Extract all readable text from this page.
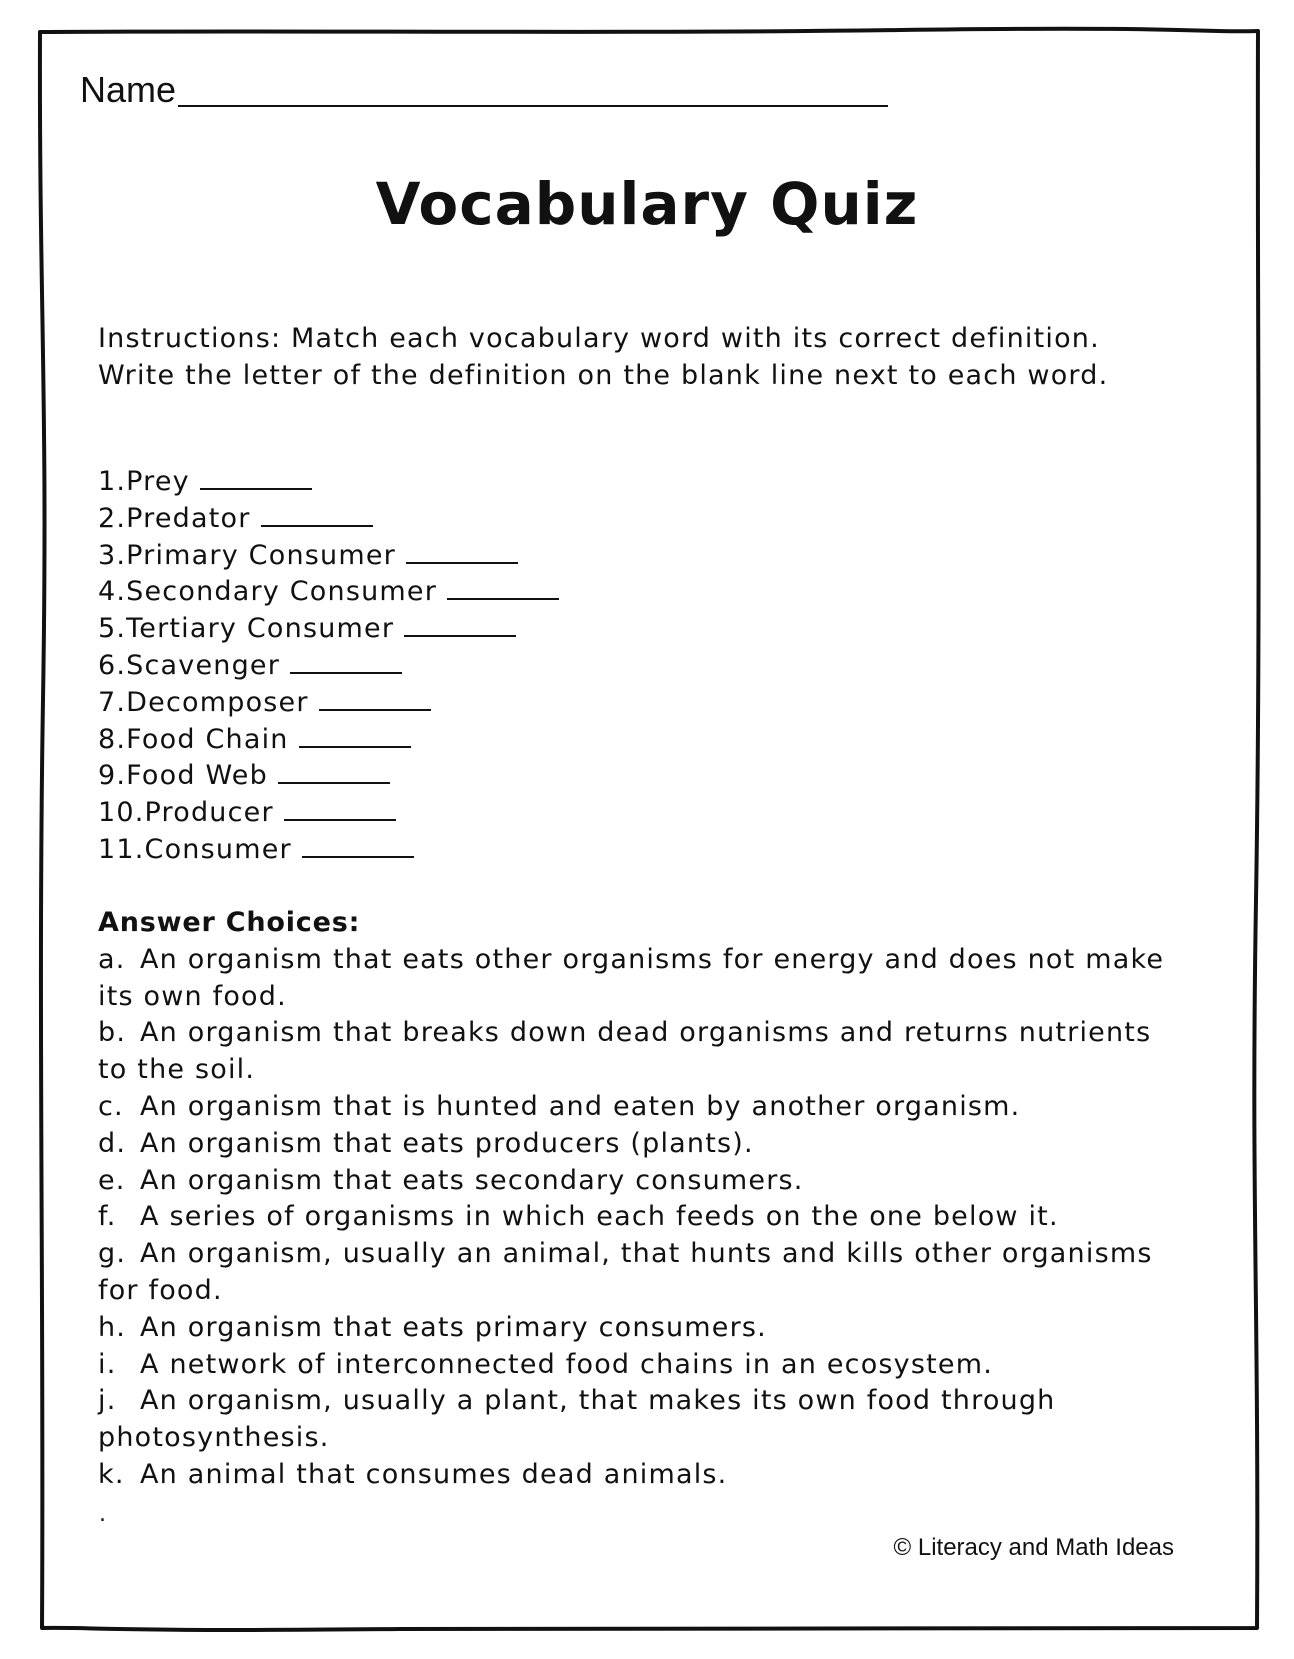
Name
Vocabulary Quiz
Instructions: Match each vocabulary word with its correct definition. Write the letter of the definition on the blank line next to each word.
1.Prey
2.Predator
3.Primary Consumer
4.Secondary Consumer
5.Tertiary Consumer
6.Scavenger
7.Decomposer
8.Food Chain
9.Food Web
10.Producer
11.Consumer
Answer Choices:
a. An organism that eats other organisms for energy and does not make its own food.
b. An organism that breaks down dead organisms and returns nutrients to the soil.
c. An organism that is hunted and eaten by another organism.
d. An organism that eats producers (plants).
e. An organism that eats secondary consumers.
f. A series of organisms in which each feeds on the one below it.
g. An organism, usually an animal, that hunts and kills other organisms for food.
h. An organism that eats primary consumers.
i. A network of interconnected food chains in an ecosystem.
j. An organism, usually a plant, that makes its own food through photosynthesis.
k. An animal that consumes dead animals.
.
© Literacy and Math Ideas
